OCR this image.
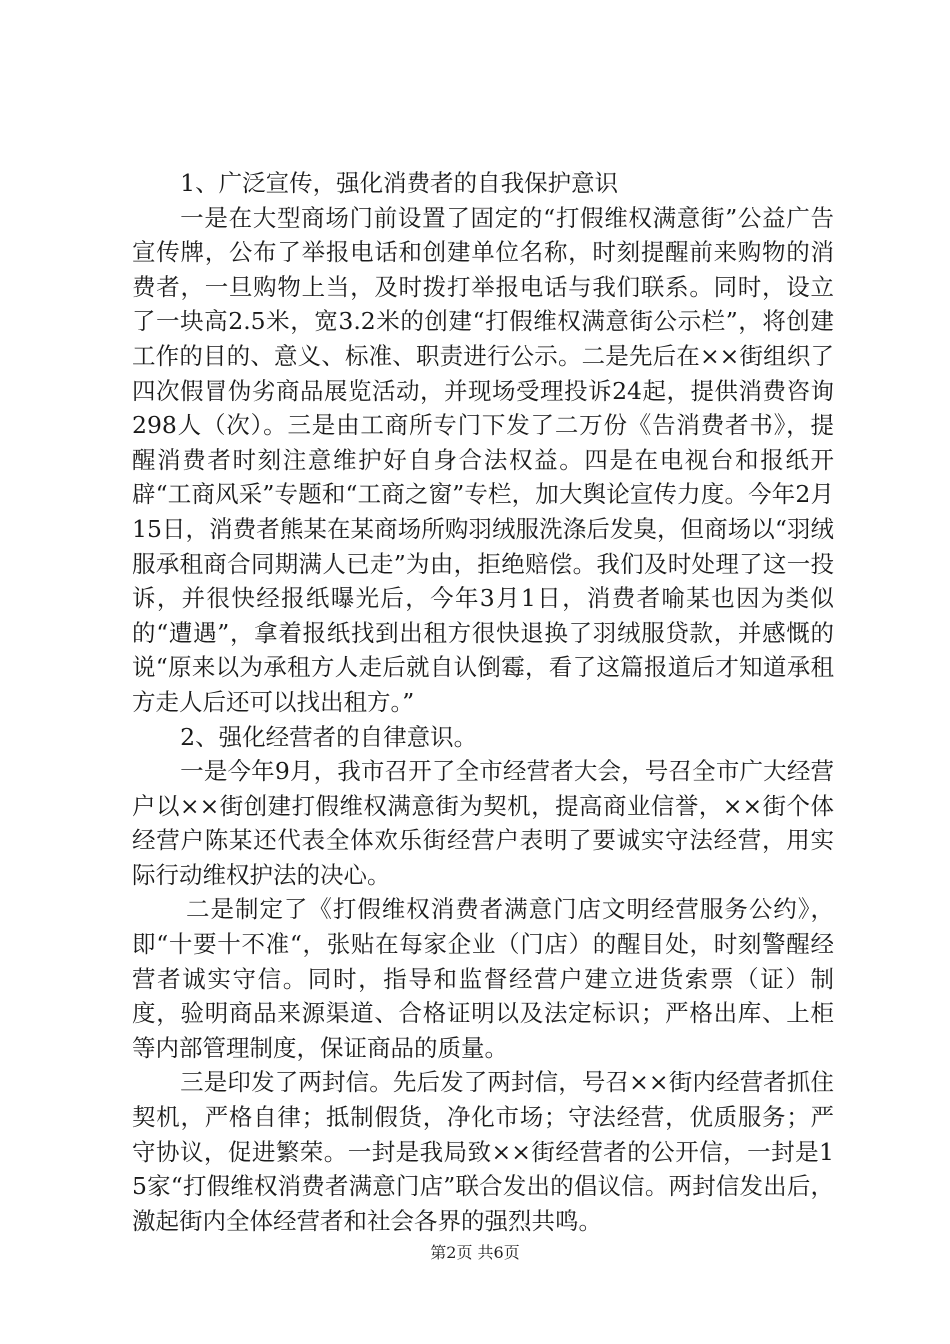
1、广泛宣传，强化消费者的自我保护意识

一是在大型商场门前设置了固定的“打假维权满意街”公益广告宣传牌，公布了举报电话和创建单位名称，时刻提醒前来购物的消费者，一旦购物上当，及时拨打举报电话与我们联系。同时，设立了一块高2.5米，宽3.2米的创建“打假维权满意街公示栏”，将创建工作的目的、意义、标准、职责进行公示。二是先后在××街组织了四次假冒伪劣商品展览活动，并现场受理投诉24起，提供消费咨询298人（次）。三是由工商所专门下发了二万份《告消费者书》，提醒消费者时刻注意维护好自身合法权益。四是在电视台和报纸开辟“工商风采”专题和“工商之窗”专栏，加大舆论宣传力度。今年2月15日，消费者熊某在某商场所购羽绒服洗涤后发臭，但商场以“羽绒服承租商合同期满人已走”为由，拒绝赔偿。我们及时处理了这一投诉，并很快经报纸曝光后，今年3月1日，消费者喻某也因为类似的“遭遇”，拿着报纸找到出租方很快退换了羽绒服贷款，并感慨的说“原来以为承租方人走后就自认倒霉，看了这篇报道后才知道承租方走人后还可以找出租方。”

2、强化经营者的自律意识。

一是今年9月，我市召开了全市经营者大会，号召全市广大经营户以××街创建打假维权满意街为契机，提高商业信誉，××街个体经营户陈某还代表全体欢乐街经营户表明了要诚实守法经营，用实际行动维权护法的决心。

二是制定了《打假维权消费者满意门店文明经营服务公约》，即“十要十不准“，张贴在每家企业（门店）的醒目处，时刻警醒经营者诚实守信。同时，指导和监督经营户建立进货索票（证）制度，验明商品来源渠道、合格证明以及法定标识；严格出库、上柜等内部管理制度，保证商品的质量。

三是印发了两封信。先后发了两封信，号召××街内经营者抓住契机，严格自律；抵制假货，净化市场；守法经营，优质服务；严守协议，促进繁荣。一封是我局致××街经营者的公开信，一封是15家“打假维权消费者满意门店”联合发出的倡议信。两封信发出后，激起街内全体经营者和社会各界的强烈共鸣。

第2页 共6页
